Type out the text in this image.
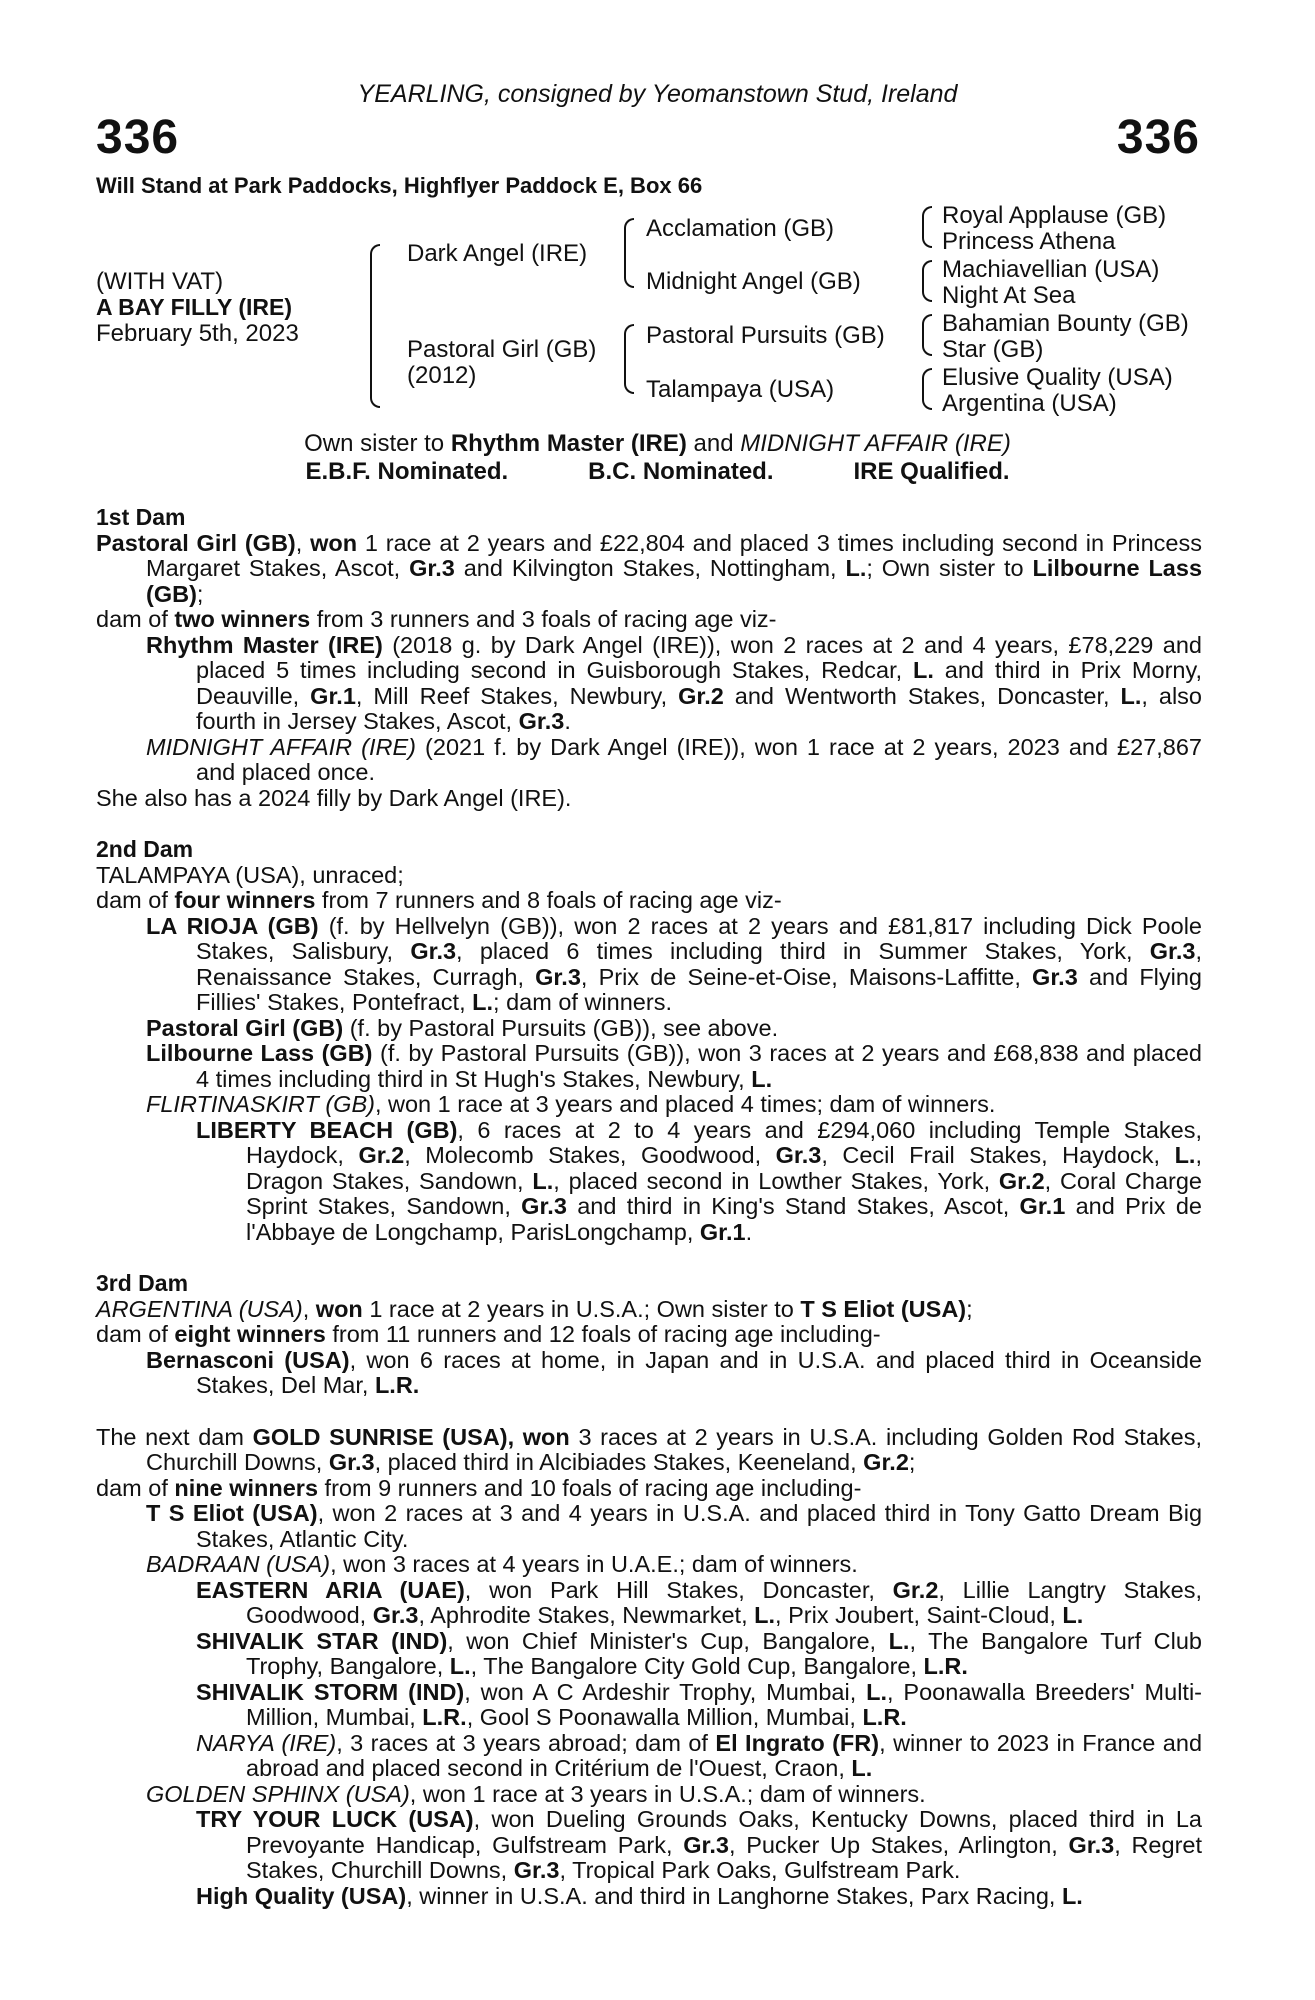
YEARLING, consigned by Yeomanstown Stud, Ireland
336	336
Will Stand at Park Paddocks, Highflyer Paddock E, Box 66
(WITH VAT)
A BAY FILLY (IRE)
February 5th, 2023
Dark Angel (IRE)
Pastoral Girl (GB)
(2012)
Acclamation (GB)
Midnight Angel (GB)
Pastoral Pursuits (GB)
Talampaya (USA)
Royal Applause (GB)
Princess Athena
Machiavellian (USA)
Night At Sea
Bahamian Bounty (GB)
Star (GB)
Elusive Quality (USA)
Argentina (USA)
Own sister to Rhythm Master (IRE) and MIDNIGHT AFFAIR (IRE)
E.B.F. Nominated.	B.C. Nominated.	IRE Qualified.

1st Dam

Pastoral Girl (GB), won 1 race at 2 years and £22,804 and placed 3 times including second in Princess Margaret Stakes, Ascot, Gr.3 and Kilvington Stakes, Nottingham, L.; Own sister to Lilbourne Lass (GB);

dam of two winners from 3 runners and 3 foals of racing age viz-

Rhythm Master (IRE) (2018 g. by Dark Angel (IRE)), won 2 races at 2 and 4 years, £78,229 and placed 5 times including second in Guisborough Stakes, Redcar, L. and third in Prix Morny, Deauville, Gr.1, Mill Reef Stakes, Newbury, Gr.2 and Wentworth Stakes, Doncaster, L., also fourth in Jersey Stakes, Ascot, Gr.3.

MIDNIGHT AFFAIR (IRE) (2021 f. by Dark Angel (IRE)), won 1 race at 2 years, 2023 and £27,867 and placed once.

She also has a 2024 filly by Dark Angel (IRE).

2nd Dam

TALAMPAYA (USA), unraced;

dam of four winners from 7 runners and 8 foals of racing age viz-

LA RIOJA (GB) (f. by Hellvelyn (GB)), won 2 races at 2 years and £81,817 including Dick Poole Stakes, Salisbury, Gr.3, placed 6 times including third in Summer Stakes, York, Gr.3, Renaissance Stakes, Curragh, Gr.3, Prix de Seine-et-Oise, Maisons-Laffitte, Gr.3 and Flying Fillies' Stakes, Pontefract, L.; dam of winners.

Pastoral Girl (GB) (f. by Pastoral Pursuits (GB)), see above.

Lilbourne Lass (GB) (f. by Pastoral Pursuits (GB)), won 3 races at 2 years and £68,838 and placed 4 times including third in St Hugh's Stakes, Newbury, L.

FLIRTINASKIRT (GB), won 1 race at 3 years and placed 4 times; dam of winners.

LIBERTY BEACH (GB), 6 races at 2 to 4 years and £294,060 including Temple Stakes, Haydock, Gr.2, Molecomb Stakes, Goodwood, Gr.3, Cecil Frail Stakes, Haydock, L., Dragon Stakes, Sandown, L., placed second in Lowther Stakes, York, Gr.2, Coral Charge Sprint Stakes, Sandown, Gr.3 and third in King's Stand Stakes, Ascot, Gr.1 and Prix de l'Abbaye de Longchamp, ParisLongchamp, Gr.1.

3rd Dam

ARGENTINA (USA), won 1 race at 2 years in U.S.A.; Own sister to T S Eliot (USA);

dam of eight winners from 11 runners and 12 foals of racing age including-

Bernasconi (USA), won 6 races at home, in Japan and in U.S.A. and placed third in Oceanside Stakes, Del Mar, L.R.

The next dam GOLD SUNRISE (USA), won 3 races at 2 years in U.S.A. including Golden Rod Stakes, Churchill Downs, Gr.3, placed third in Alcibiades Stakes, Keeneland, Gr.2;

dam of nine winners from 9 runners and 10 foals of racing age including-

T S Eliot (USA), won 2 races at 3 and 4 years in U.S.A. and placed third in Tony Gatto Dream Big Stakes, Atlantic City.

BADRAAN (USA), won 3 races at 4 years in U.A.E.; dam of winners.

EASTERN ARIA (UAE), won Park Hill Stakes, Doncaster, Gr.2, Lillie Langtry Stakes, Goodwood, Gr.3, Aphrodite Stakes, Newmarket, L., Prix Joubert, Saint-Cloud, L.

SHIVALIK STAR (IND), won Chief Minister's Cup, Bangalore, L., The Bangalore Turf Club Trophy, Bangalore, L., The Bangalore City Gold Cup, Bangalore, L.R.

SHIVALIK STORM (IND), won A C Ardeshir Trophy, Mumbai, L., Poonawalla Breeders' Multi-Million, Mumbai, L.R., Gool S Poonawalla Million, Mumbai, L.R.

NARYA (IRE), 3 races at 3 years abroad; dam of El Ingrato (FR), winner to 2023 in France and abroad and placed second in Critérium de l'Ouest, Craon, L.

GOLDEN SPHINX (USA), won 1 race at 3 years in U.S.A.; dam of winners.

TRY YOUR LUCK (USA), won Dueling Grounds Oaks, Kentucky Downs, placed third in La Prevoyante Handicap, Gulfstream Park, Gr.3, Pucker Up Stakes, Arlington, Gr.3, Regret Stakes, Churchill Downs, Gr.3, Tropical Park Oaks, Gulfstream Park.

High Quality (USA), winner in U.S.A. and third in Langhorne Stakes, Parx Racing, L.
